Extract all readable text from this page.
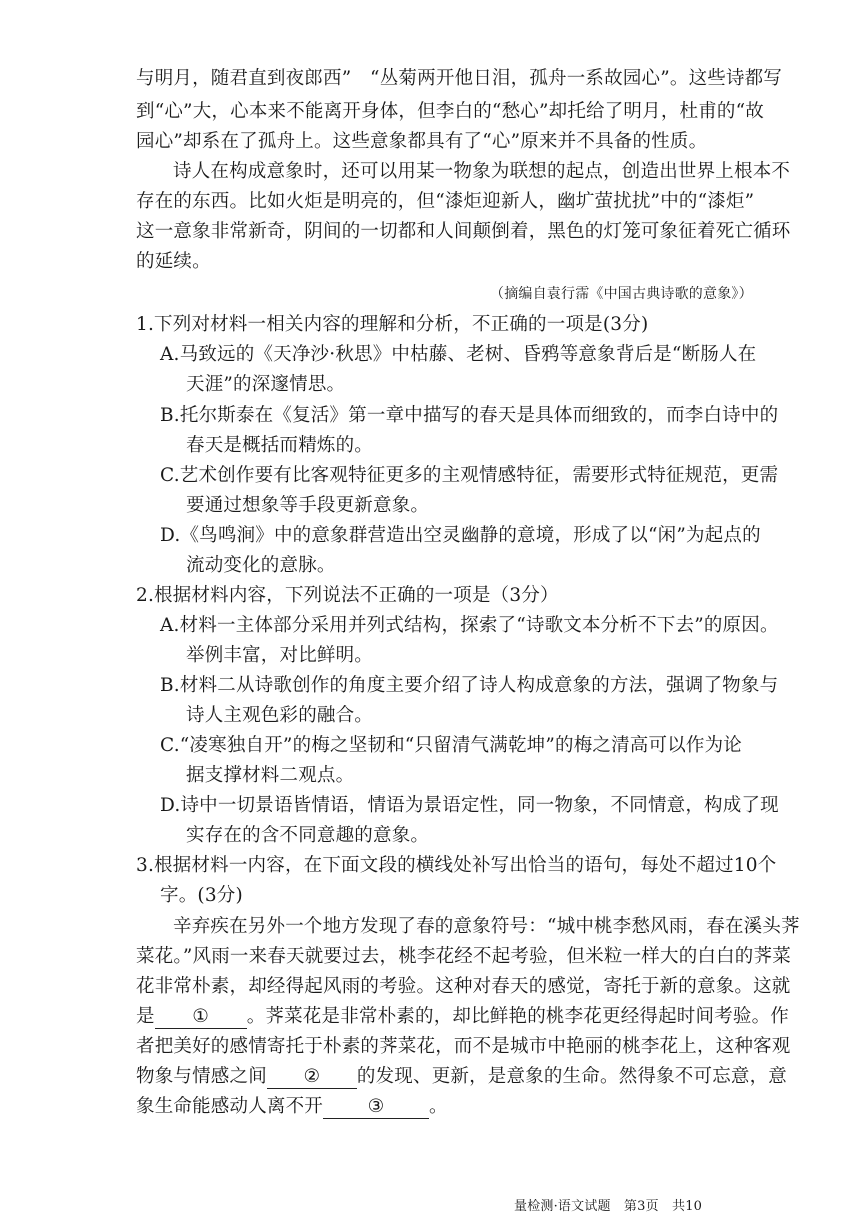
与明月，随君直到夜郎西”　“丛菊两开他日泪，孤舟一系故园心”。这些诗都写
到“心”大，心本来不能离开身体，但李白的“愁心”却托给了明月，杜甫的“故
园心”却系在了孤舟上。这些意象都具有了“心”原来并不具备的性质。
诗人在构成意象时，还可以用某一物象为联想的起点，创造出世界上根本不
存在的东西。比如火炬是明亮的，但“漆炬迎新人，幽圹萤扰扰”中的“漆炬”
这一意象非常新奇，阴间的一切都和人间颠倒着，黑色的灯笼可象征着死亡循环
的延续。
（摘编自袁行霈《中国古典诗歌的意象》）
1.下列对材料一相关内容的理解和分析，不正确的一项是(3分)
A.马致远的《天净沙·秋思》中枯藤、老树、昏鸦等意象背后是“断肠人在
天涯”的深邃情思。
B.托尔斯泰在《复活》第一章中描写的春天是具体而细致的，而李白诗中的
春天是概括而精炼的。
C.艺术创作要有比客观特征更多的主观情感特征，需要形式特征规范，更需
要通过想象等手段更新意象。
D.《鸟鸣涧》中的意象群营造出空灵幽静的意境，形成了以“闲”为起点的
流动变化的意脉。
2.根据材料内容，下列说法不正确的一项是（3分）
A.材料一主体部分采用并列式结构，探索了“诗歌文本分析不下去”的原因。
举例丰富，对比鲜明。
B.材料二从诗歌创作的角度主要介绍了诗人构成意象的方法，强调了物象与
诗人主观色彩的融合。
C.“凌寒独自开”的梅之坚韧和“只留清气满乾坤”的梅之清高可以作为论
据支撑材料二观点。
D.诗中一切景语皆情语，情语为景语定性，同一物象，不同情意，构成了现
实存在的含不同意趣的意象。
3.根据材料一内容，在下面文段的横线处补写出恰当的语句，每处不超过10个
字。(3分)
辛弃疾在另外一个地方发现了春的意象符号：“城中桃李愁风雨，春在溪头荠
菜花。”风雨一来春天就要过去，桃李花经不起考验，但米粒一样大的白白的荠菜
花非常朴素，却经得起风雨的考验。这种对春天的感觉，寄托于新的意象。这就
是 ① 。荠菜花是非常朴素的，却比鲜艳的桃李花更经得起时间考验。作
者把美好的感情寄托于朴素的荠菜花，而不是城市中艳丽的桃李花上，这种客观
物象与情感之间 ② 的发现、更新，是意象的生命。然得象不可忘意，意
象生命能感动人离不开 ③ 。
量检测·语文试题　第3页　共10
